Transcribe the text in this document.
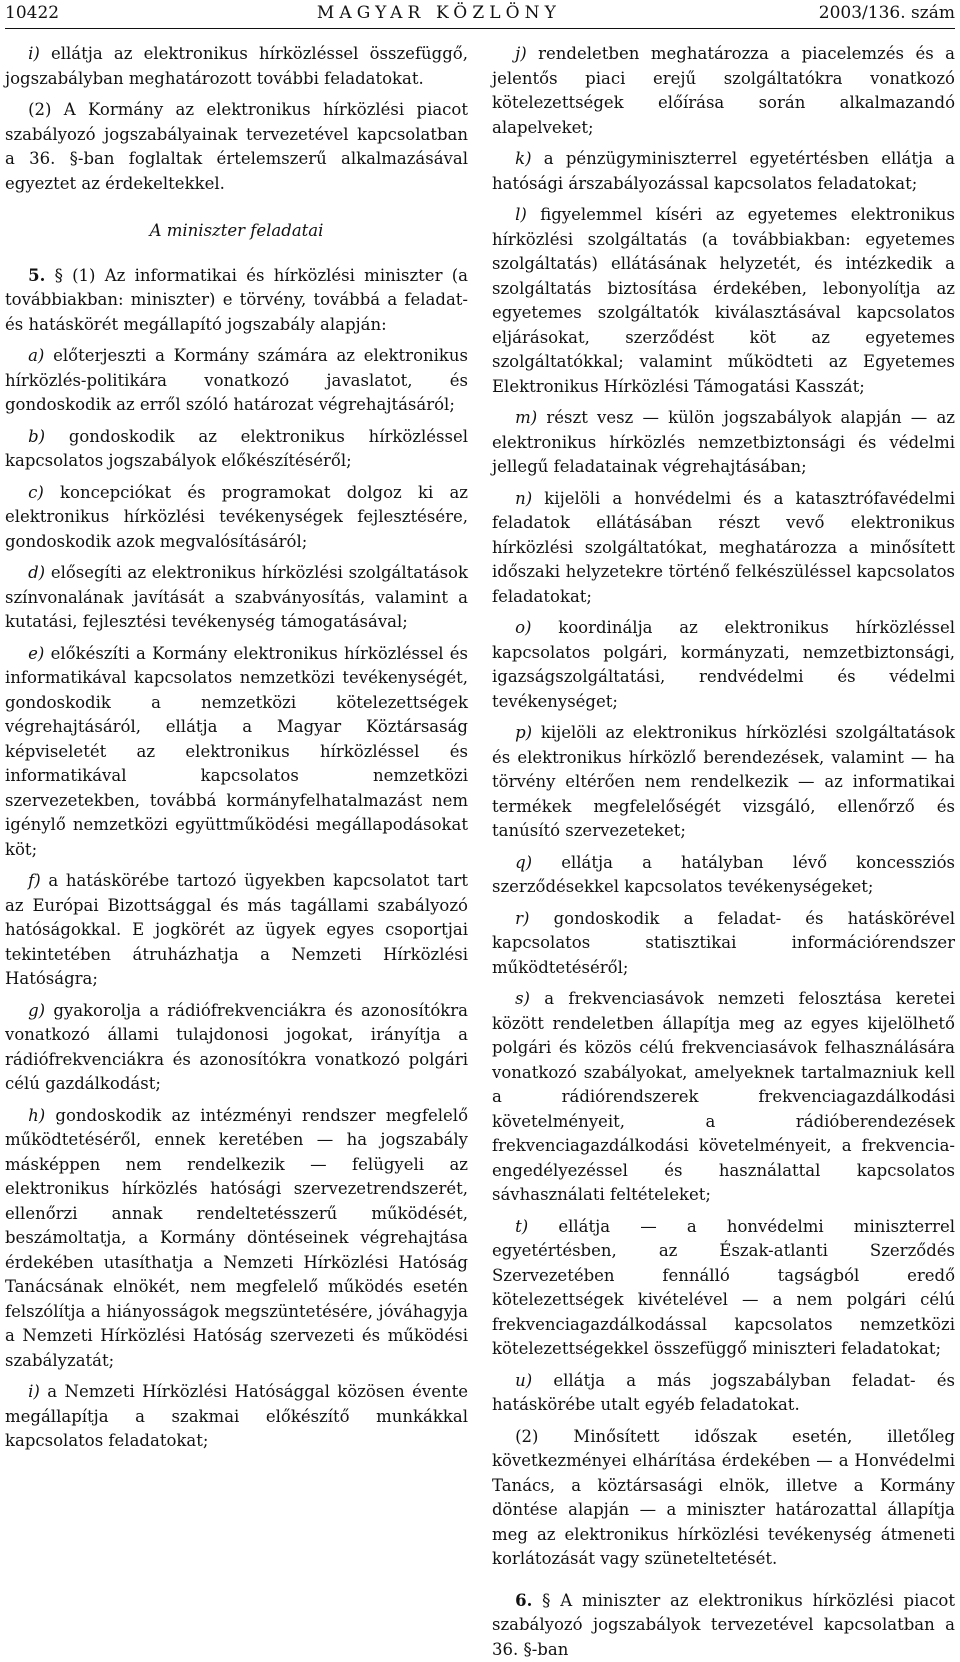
10422	MAGYAR KÖZLÖNY	2003/136. szám

i) ellátja az elektronikus hírközléssel összefüggő, jogszabályban meghatározott további feladatokat.

(2) A Kormány az elektronikus hírközlési piacot szabályozó jogszabályainak tervezetével kapcsolatban a 36. §-ban foglaltak értelemszerű alkalmazásával egyeztet az érdekeltekkel.

A miniszter feladatai

5. § (1) Az informatikai és hírközlési miniszter (a továbbiakban: miniszter) e törvény, továbbá a feladat- és hatáskörét megállapító jogszabály alapján:

a) előterjeszti a Kormány számára az elektronikus hírközlés-politikára vonatkozó javaslatot, és gondoskodik az erről szóló határozat végrehajtásáról;

b) gondoskodik az elektronikus hírközléssel kapcsolatos jogszabályok előkészítéséről;

c) koncepciókat és programokat dolgoz ki az elektronikus hírközlési tevékenységek fejlesztésére, gondoskodik azok megvalósításáról;

d) elősegíti az elektronikus hírközlési szolgáltatások színvonalának javítását a szabványosítás, valamint a kutatási, fejlesztési tevékenység támogatásával;

e) előkészíti a Kormány elektronikus hírközléssel és informatikával kapcsolatos nemzetközi tevékenységét, gondoskodik a nemzetközi kötelezettségek végrehajtásáról, ellátja a Magyar Köztársaság képviseletét az elektronikus hírközléssel és informatikával kapcsolatos nemzetközi szervezetekben, továbbá kormányfelhatalmazást nem igénylő nemzetközi együttműködési megállapodásokat köt;

f) a hatáskörébe tartozó ügyekben kapcsolatot tart az Európai Bizottsággal és más tagállami szabályozó hatóságokkal. E jogkörét az ügyek egyes csoportjai tekintetében átruházhatja a Nemzeti Hírközlési Hatóságra;

g) gyakorolja a rádiófrekvenciákra és azonosítókra vonatkozó állami tulajdonosi jogokat, irányítja a rádiófrekvenciákra és azonosítókra vonatkozó polgári célú gazdálkodást;

h) gondoskodik az intézményi rendszer megfelelő működtetéséről, ennek keretében — ha jogszabály másképpen nem rendelkezik — felügyeli az elektronikus hírközlés hatósági szervezetrendszerét, ellenőrzi annak rendeltetésszerű működését, beszámoltatja, a Kormány döntéseinek végrehajtása érdekében utasíthatja a Nemzeti Hírközlési Hatóság Tanácsának elnökét, nem megfelelő működés esetén felszólítja a hiányosságok megszüntetésére, jóváhagyja a Nemzeti Hírközlési Hatóság szervezeti és működési szabályzatát;

i) a Nemzeti Hírközlési Hatósággal közösen évente megállapítja a szakmai előkészítő munkákkal kapcsolatos feladatokat;

j) rendeletben meghatározza a piacelemzés és a jelentős piaci erejű szolgáltatókra vonatkozó kötelezettségek előírása során alkalmazandó alapelveket;

k) a pénzügyminiszterrel egyetértésben ellátja a hatósági árszabályozással kapcsolatos feladatokat;

l) figyelemmel kíséri az egyetemes elektronikus hírközlési szolgáltatás (a továbbiakban: egyetemes szolgáltatás) ellátásának helyzetét, és intézkedik a szolgáltatás biztosítása érdekében, lebonyolítja az egyetemes szolgáltatók kiválasztásával kapcsolatos eljárásokat, szerződést köt az egyetemes szolgáltatókkal; valamint működteti az Egyetemes Elektronikus Hírközlési Támogatási Kasszát;

m) részt vesz — külön jogszabályok alapján — az elektronikus hírközlés nemzetbiztonsági és védelmi jellegű feladatainak végrehajtásában;

n) kijelöli a honvédelmi és a katasztrófavédelmi feladatok ellátásában részt vevő elektronikus hírközlési szolgáltatókat, meghatározza a minősített időszaki helyzetekre történő felkészüléssel kapcsolatos feladatokat;

o) koordinálja az elektronikus hírközléssel kapcsolatos polgári, kormányzati, nemzetbiztonsági, igazságszolgáltatási, rendvédelmi és védelmi tevékenységet;

p) kijelöli az elektronikus hírközlési szolgáltatások és elektronikus hírközlő berendezések, valamint — ha törvény eltérően nem rendelkezik — az informatikai termékek megfelelőségét vizsgáló, ellenőrző és tanúsító szervezeteket;

q) ellátja a hatályban lévő koncessziós szerződésekkel kapcsolatos tevékenységeket;

r) gondoskodik a feladat- és hatáskörével kapcsolatos statisztikai információrendszer működtetéséről;

s) a frekvenciasávok nemzeti felosztása keretei között rendeletben állapítja meg az egyes kijelölhető polgári és közös célú frekvenciasávok felhasználására vonatkozó szabályokat, amelyeknek tartalmazniuk kell a rádiórendszerek frekvenciagazdálkodási követelményeit, a rádióberendezések frekvenciagazdálkodási követelményeit, a frekvencia-engedélyezéssel és használattal kapcsolatos sávhasználati feltételeket;

t) ellátja — a honvédelmi miniszterrel egyetértésben, az Észak-atlanti Szerződés Szervezetében fennálló tagságból eredő kötelezettségek kivételével — a nem polgári célú frekvenciagazdálkodással kapcsolatos nemzetközi kötelezettségekkel összefüggő miniszteri feladatokat;

u) ellátja a más jogszabályban feladat- és hatáskörébe utalt egyéb feladatokat.

(2) Minősített időszak esetén, illetőleg következményei elhárítása érdekében — a Honvédelmi Tanács, a köztársasági elnök, illetve a Kormány döntése alapján — a miniszter határozattal állapítja meg az elektronikus hírközlési tevékenység átmeneti korlátozását vagy szüneteltetését.

6. § A miniszter az elektronikus hírközlési piacot szabályozó jogszabályok tervezetével kapcsolatban a 36. §-ban
